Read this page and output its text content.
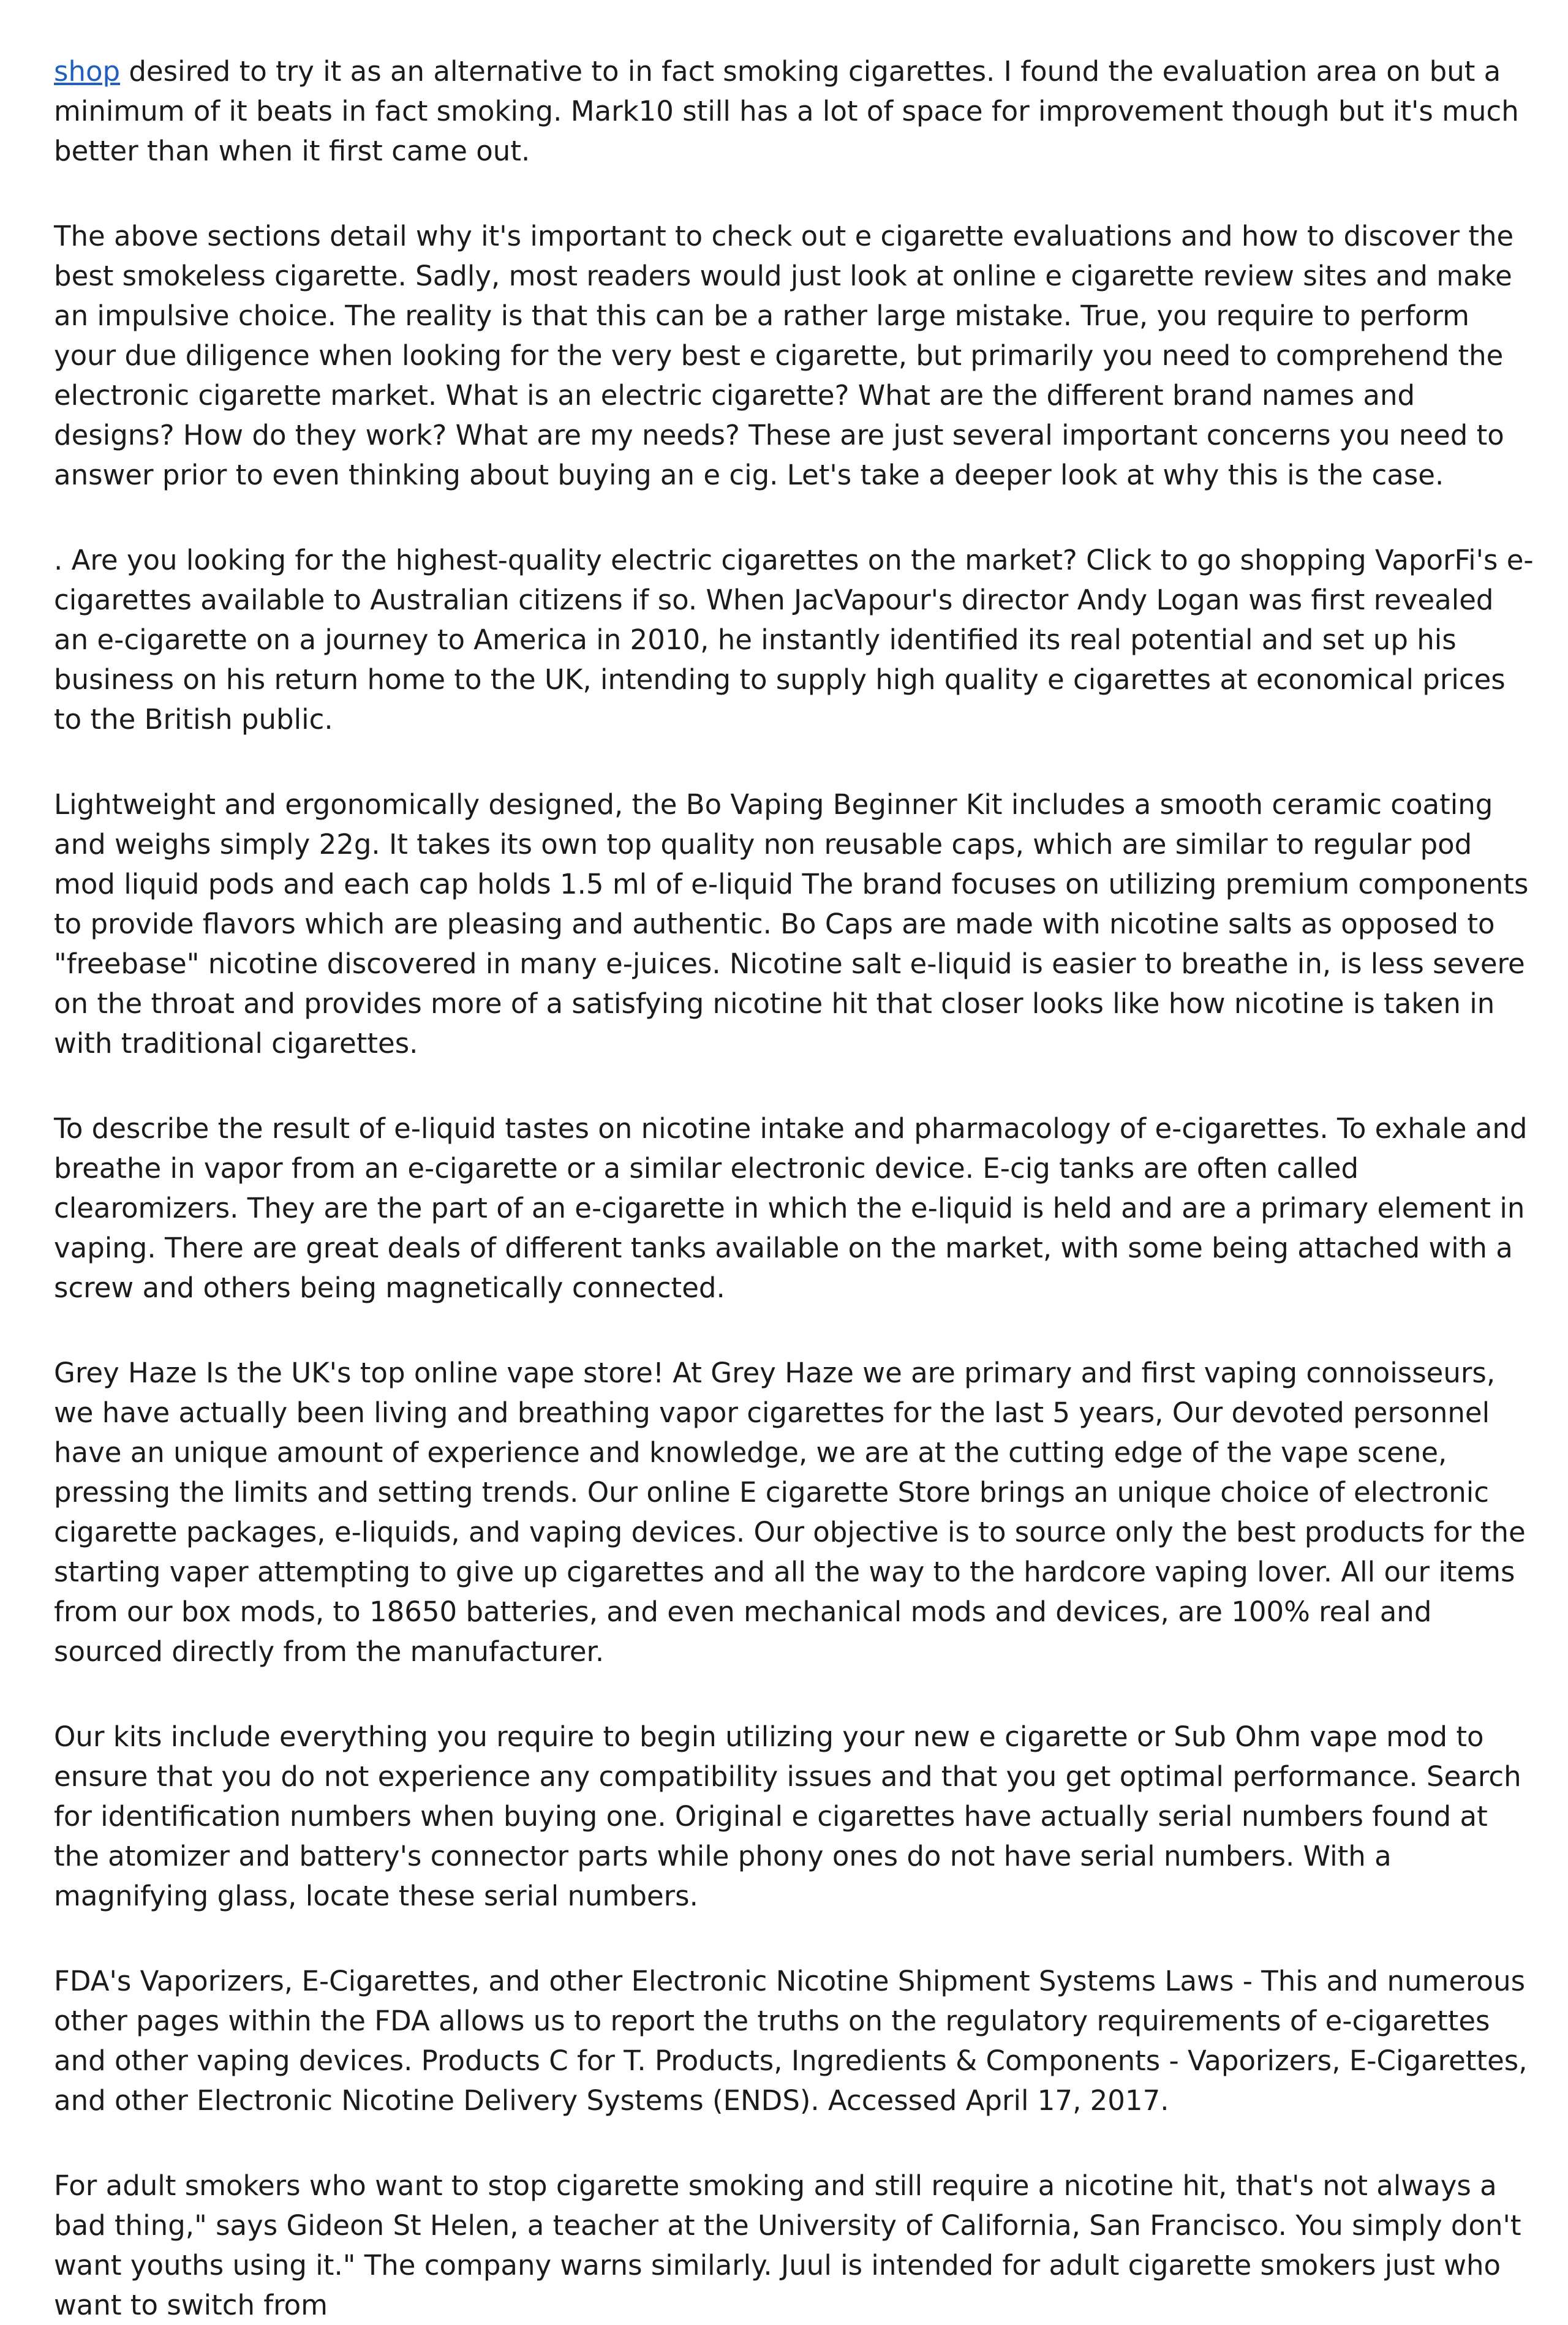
shop desired to try it as an alternative to in fact smoking cigarettes. I found the evaluation area on but a minimum of it beats in fact smoking. Mark10 still has a lot of space for improvement though but it's much better than when it first came out.

The above sections detail why it's important to check out e cigarette evaluations and how to discover the best smokeless cigarette. Sadly, most readers would just look at online e cigarette review sites and make an impulsive choice. The reality is that this can be a rather large mistake. True, you require to perform your due diligence when looking for the very best e cigarette, but primarily you need to comprehend the electronic cigarette market. What is an electric cigarette? What are the different brand names and designs? How do they work? What are my needs? These are just several important concerns you need to answer prior to even thinking about buying an e cig. Let's take a deeper look at why this is the case.

. Are you looking for the highest-quality electric cigarettes on the market? Click to go shopping VaporFi's e-cigarettes available to Australian citizens if so. When JacVapour's director Andy Logan was first revealed an e-cigarette on a journey to America in 2010, he instantly identified its real potential and set up his business on his return home to the UK, intending to supply high quality e cigarettes at economical prices to the British public.

Lightweight and ergonomically designed, the Bo Vaping Beginner Kit includes a smooth ceramic coating and weighs simply 22g. It takes its own top quality non reusable caps, which are similar to regular pod mod liquid pods and each cap holds 1.5 ml of e-liquid The brand focuses on utilizing premium components to provide flavors which are pleasing and authentic. Bo Caps are made with nicotine salts as opposed to "freebase" nicotine discovered in many e-juices. Nicotine salt e-liquid is easier to breathe in, is less severe on the throat and provides more of a satisfying nicotine hit that closer looks like how nicotine is taken in with traditional cigarettes.

To describe the result of e-liquid tastes on nicotine intake and pharmacology of e-cigarettes. To exhale and breathe in vapor from an e-cigarette or a similar electronic device. E-cig tanks are often called clearomizers. They are the part of an e-cigarette in which the e-liquid is held and are a primary element in vaping. There are great deals of different tanks available on the market, with some being attached with a screw and others being magnetically connected.

Grey Haze Is the UK's top online vape store! At Grey Haze we are primary and first vaping connoisseurs, we have actually been living and breathing vapor cigarettes for the last 5 years, Our devoted personnel have an unique amount of experience and knowledge, we are at the cutting edge of the vape scene, pressing the limits and setting trends. Our online E cigarette Store brings an unique choice of electronic cigarette packages, e-liquids, and vaping devices. Our objective is to source only the best products for the starting vaper attempting to give up cigarettes and all the way to the hardcore vaping lover. All our items from our box mods, to 18650 batteries, and even mechanical mods and devices, are 100% real and sourced directly from the manufacturer.

Our kits include everything you require to begin utilizing your new e cigarette or Sub Ohm vape mod to ensure that you do not experience any compatibility issues and that you get optimal performance. Search for identification numbers when buying one. Original e cigarettes have actually serial numbers found at the atomizer and battery's connector parts while phony ones do not have serial numbers. With a magnifying glass, locate these serial numbers.

FDA's Vaporizers, E-Cigarettes, and other Electronic Nicotine Shipment Systems Laws - This and numerous other pages within the FDA allows us to report the truths on the regulatory requirements of e-cigarettes and other vaping devices. Products C for T. Products, Ingredients & Components - Vaporizers, E-Cigarettes, and other Electronic Nicotine Delivery Systems (ENDS). Accessed April 17, 2017.

For adult smokers who want to stop cigarette smoking and still require a nicotine hit, that's not always a bad thing," says Gideon St Helen, a teacher at the University of California, San Francisco. You simply don't want youths using it." The company warns similarly. Juul is intended for adult cigarette smokers just who want to switch from
